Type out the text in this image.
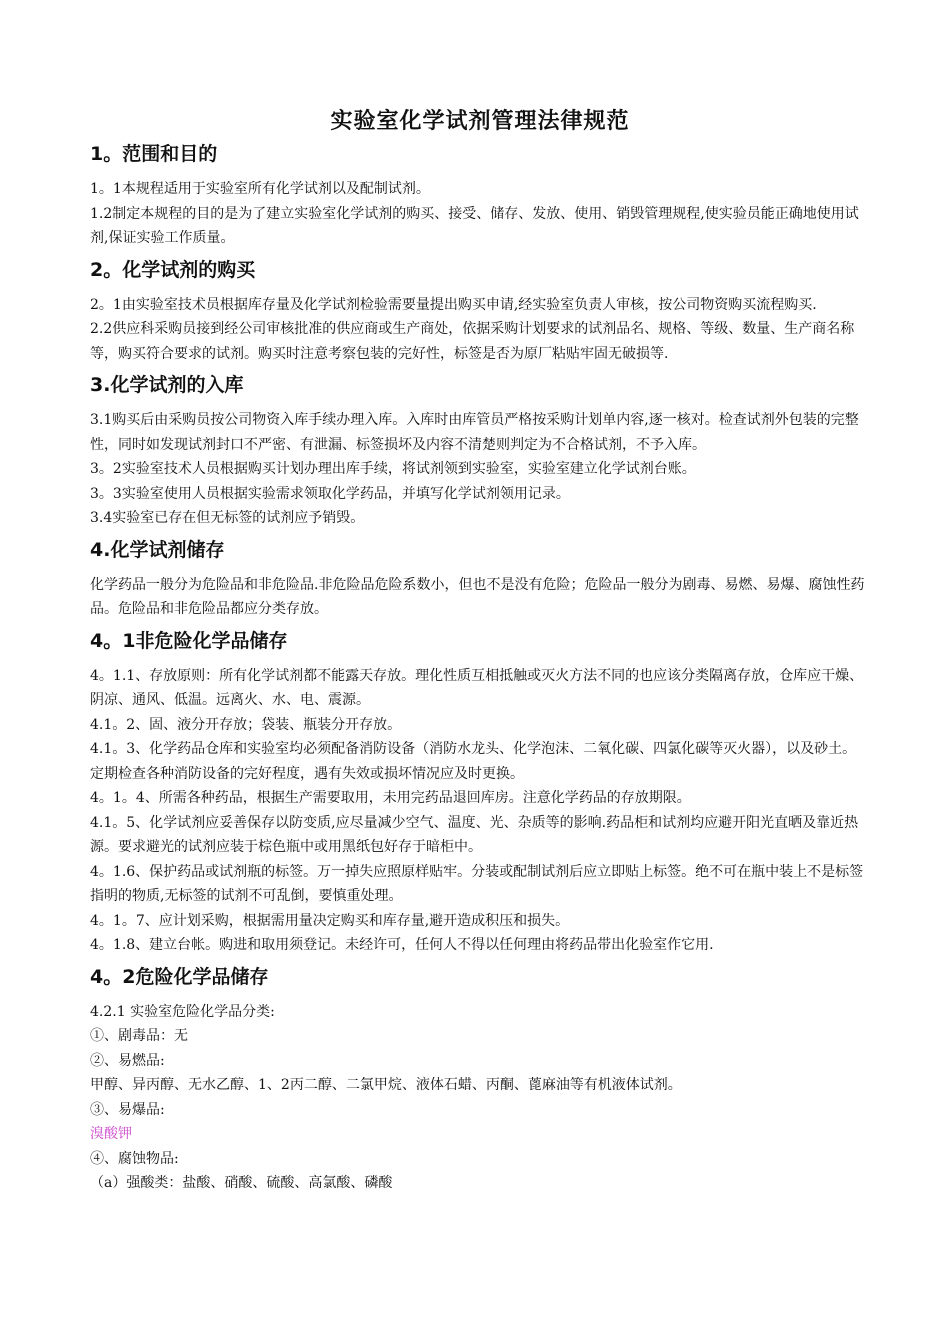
实验室化学试剂管理法律规范
1。范围和目的

1。1本规程适用于实验室所有化学试剂以及配制试剂。

1.2制定本规程的目的是为了建立实验室化学试剂的购买、接受、储存、发放、使用、销毁管理规程,使实验员能正确地使用试剂,保证实验工作质量。

2。化学试剂的购买

2。1由实验室技术员根据库存量及化学试剂检验需要量提出购买申请,经实验室负责人审核，按公司物资购买流程购买.

2.2供应科采购员接到经公司审核批准的供应商或生产商处，依据采购计划要求的试剂品名、规格、等级、数量、生产商名称等，购买符合要求的试剂。购买时注意考察包装的完好性，标签是否为原厂粘贴牢固无破损等.

3.化学试剂的入库

3.1购买后由采购员按公司物资入库手续办理入库。入库时由库管员严格按采购计划单内容,逐一核对。检查试剂外包装的完整性，同时如发现试剂封口不严密、有泄漏、标签损坏及内容不清楚则判定为不合格试剂，不予入库。

3。2实验室技术人员根据购买计划办理出库手续，将试剂领到实验室，实验室建立化学试剂台账。

3。3实验室使用人员根据实验需求领取化学药品，并填写化学试剂领用记录。

3.4实验室已存在但无标签的试剂应予销毁。

4.化学试剂储存

化学药品一般分为危险品和非危险品.非危险品危险系数小，但也不是没有危险；危险品一般分为剧毒、易燃、易爆、腐蚀性药品。危险品和非危险品都应分类存放。

4。1非危险化学品储存

4。1.1、存放原则：所有化学试剂都不能露天存放。理化性质互相抵触或灭火方法不同的也应该分类隔离存放，仓库应干燥、阴凉、通风、低温。远离火、水、电、震源。

4.1。2、固、液分开存放；袋装、瓶装分开存放。

4.1。3、化学药品仓库和实验室均必须配备消防设备（消防水龙头、化学泡沫、二氧化碳、四氯化碳等灭火器），以及砂土。定期检查各种消防设备的完好程度，遇有失效或损坏情况应及时更换。

4。1。4、所需各种药品，根据生产需要取用，未用完药品退回库房。注意化学药品的存放期限。

4.1。5、化学试剂应妥善保存以防变质,应尽量减少空气、温度、光、杂质等的影响.药品柜和试剂均应避开阳光直晒及靠近热源。要求避光的试剂应装于棕色瓶中或用黑纸包好存于暗柜中。

4。1.6、保护药品或试剂瓶的标签。万一掉失应照原样贴牢。分装或配制试剂后应立即贴上标签。绝不可在瓶中装上不是标签指明的物质,无标签的试剂不可乱倒，要慎重处理。

4。1。7、应计划采购，根据需用量决定购买和库存量,避开造成积压和损失。

4。1.8、建立台帐。购进和取用须登记。未经许可，任何人不得以任何理由将药品带出化验室作它用.

4。2危险化学品储存

4.2.1 实验室危险化学品分类:

①、剧毒品：无

②、易燃品:

甲醇、异丙醇、无水乙醇、1、2丙二醇、二氯甲烷、液体石蜡、丙酮、蓖麻油等有机液体试剂。

③、易爆品:

溴酸钾

④、腐蚀物品:

（a）强酸类：盐酸、硝酸、硫酸、高氯酸、磷酸
